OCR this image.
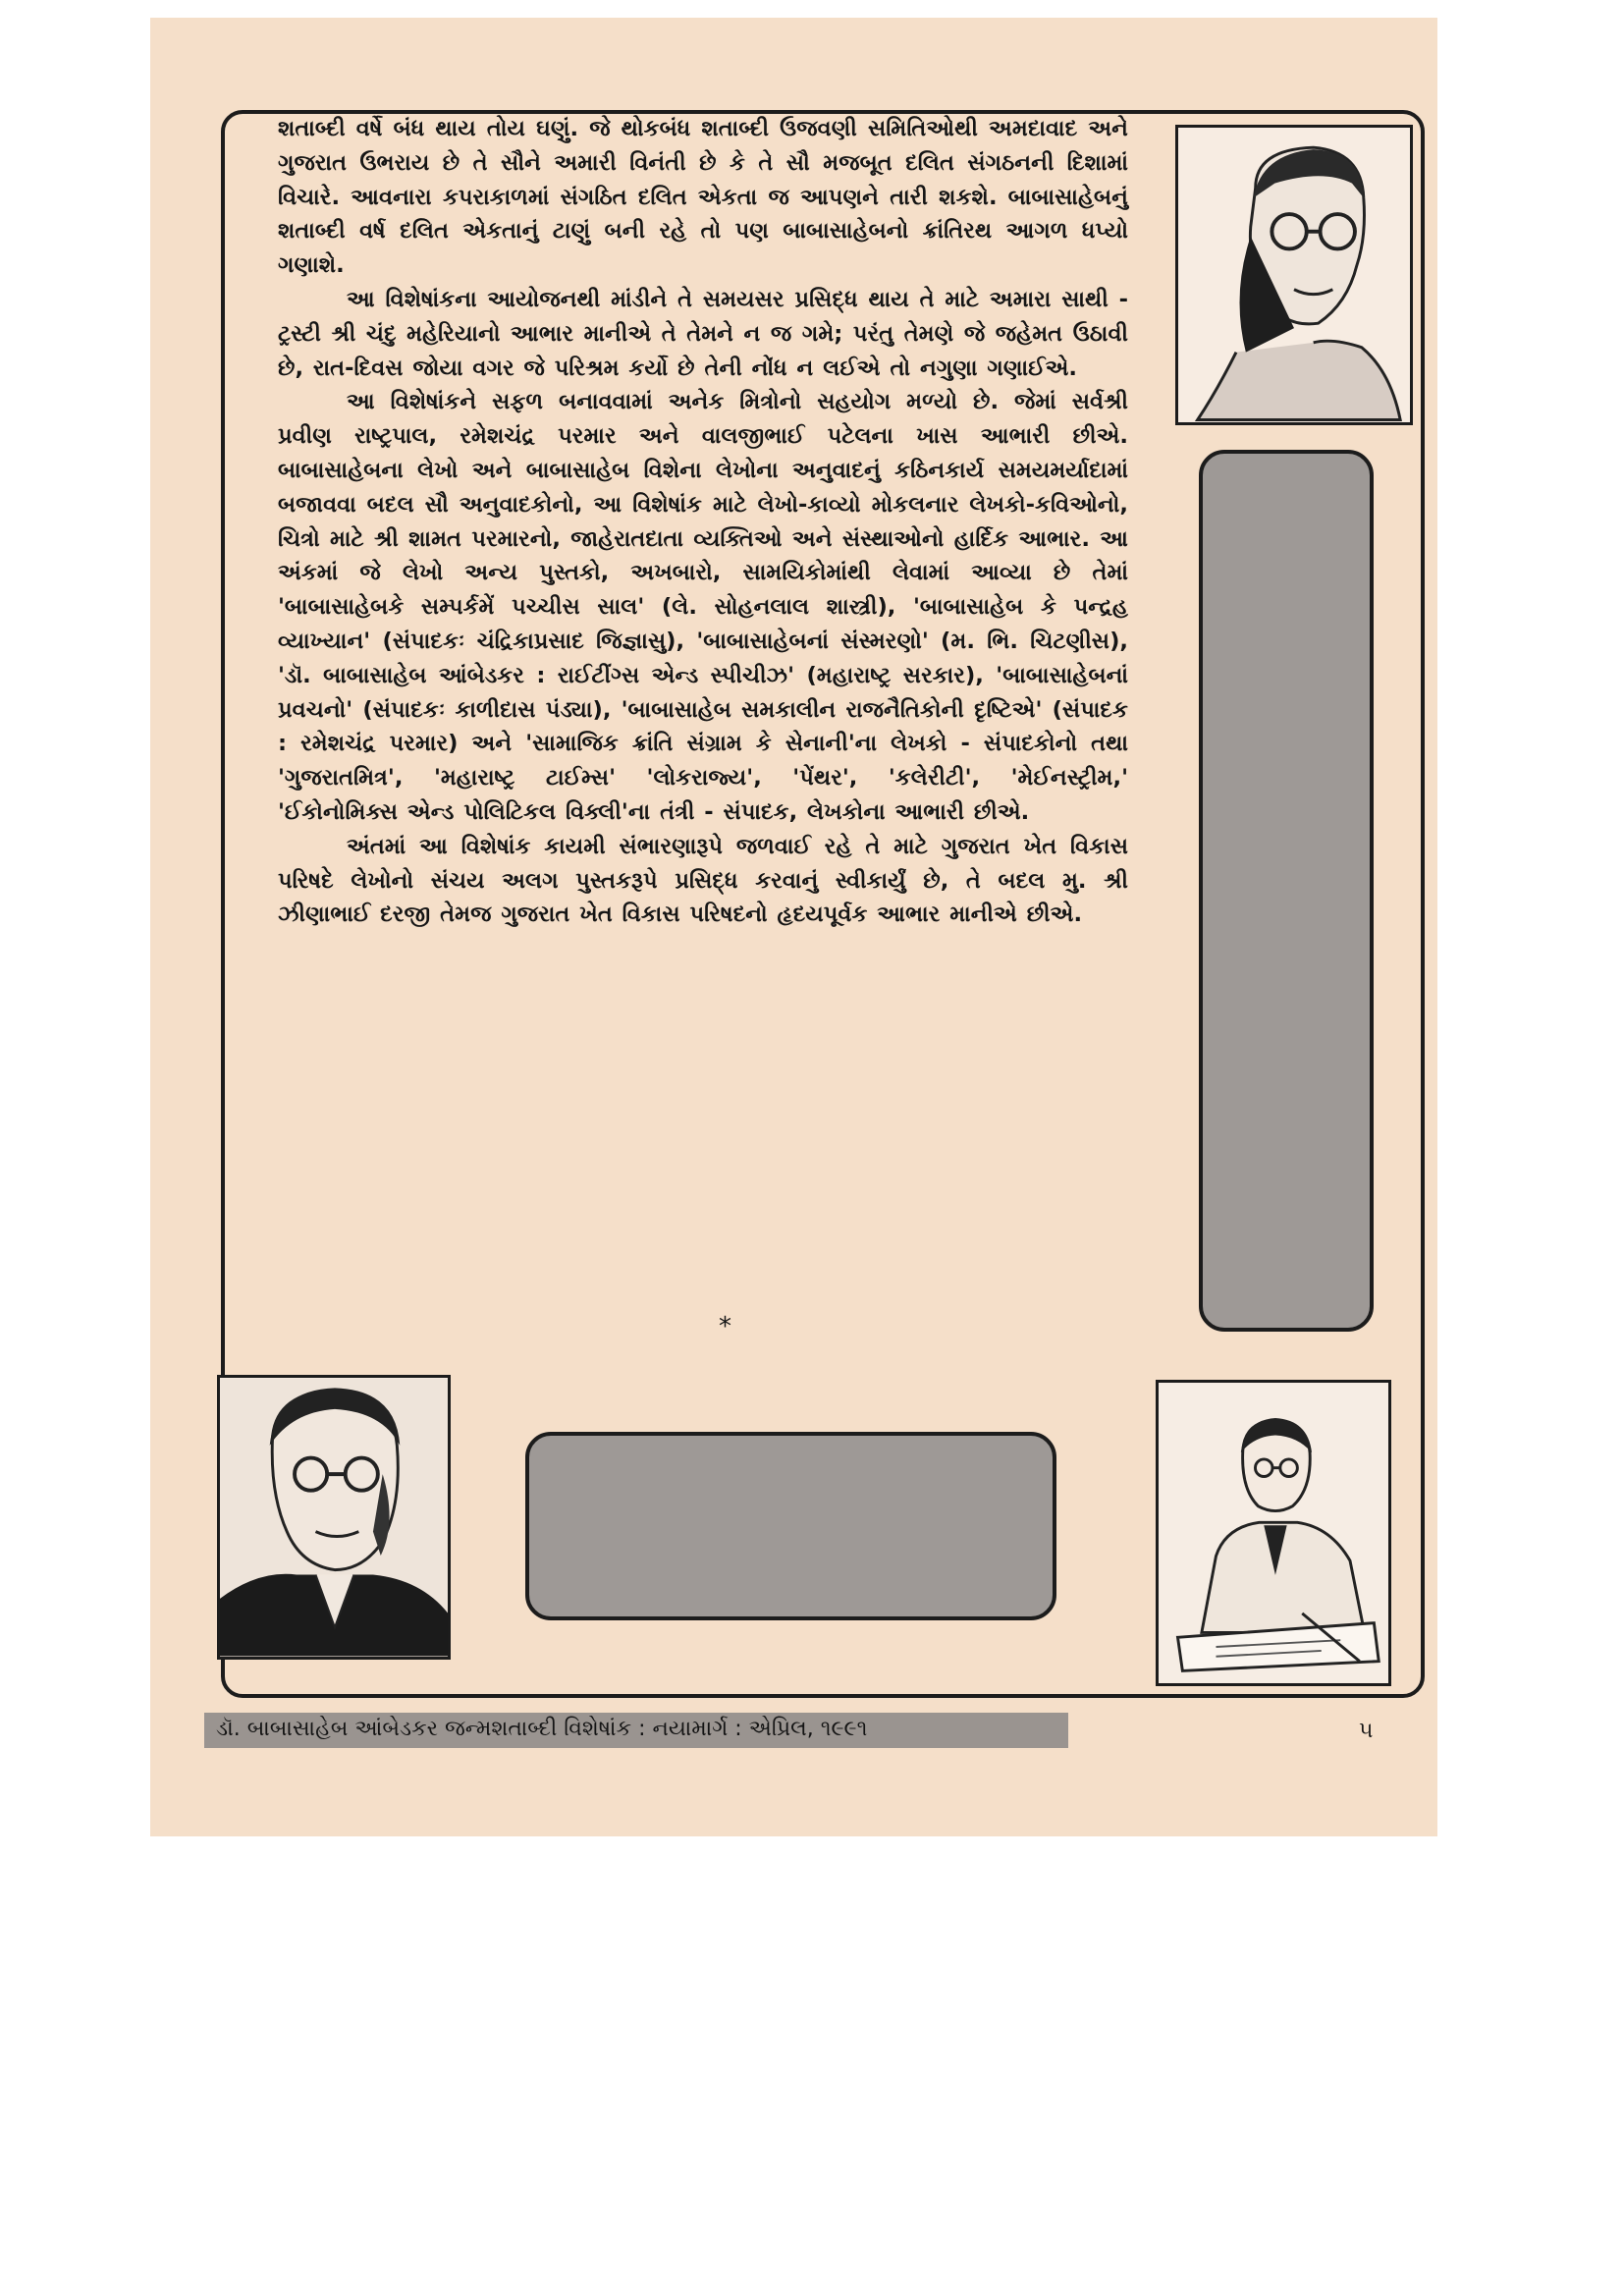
શતાબ્દી વર્ષે બંધ થાય તોય ઘણું. જે થોકબંધ શતાબ્દી ઉજવણી સમિતિઓથી અમદાવાદ અને ગુજરાત ઉભરાય છે તે સૌને અમારી વિનંતી છે કે તે સૌ મજબૂત દલિત સંગઠનની દિશામાં વિચારે. આવનારા કપરાકાળમાં સંગઠિત દલિત એકતા જ આપણને તારી શકશે. બાબાસાહેબનું શતાબ્દી વર્ષ દલિત એકતાનું ટાણું બની રહે તો પણ બાબાસાહેબનો ક્રાંતિરથ આગળ ધપ્યો ગણાશે.

આ વિશેષાંકના આયોજનથી માંડીને તે સમયસર પ્રસિદ્ધ થાય તે માટે અમારા સાથી - ટ્રસ્ટી શ્રી ચંદુ મહેરિયાનો આભાર માનીએ તે તેમને ન જ ગમે; પરંતુ તેમણે જે જહેમત ઉઠાવી છે, રાત-દિવસ જોયા વગર જે પરિશ્રમ કર્યો છે તેની નોંધ ન લઈએ તો નગુણા ગણાઈએ.

આ વિશેષાંકને સફળ બનાવવામાં અનેક મિત્રોનો સહયોગ મળ્યો છે. જેમાં સર્વશ્રી પ્રવીણ રાષ્ટ્રપાલ, રમેશચંદ્ર પરમાર અને વાલજીભાઈ પટેલના ખાસ આભારી છીએ. બાબાસાહેબના લેખો અને બાબાસાહેબ વિશેના લેખોના અનુવાદનું કઠિનકાર્ય સમયમર્યાદામાં બજાવવા બદલ સૌ અનુવાદકોનો, આ વિશેષાંક માટે લેખો-કાવ્યો મોકલનાર લેખકો-કવિઓનો, ચિત્રો માટે શ્રી શામત પરમારનો, જાહેરાતદાતા વ્યક્તિઓ અને સંસ્થાઓનો હાર્દિક આભાર. આ અંકમાં જે લેખો અન્ય પુસ્તકો, અખબારો, સામયિકોમાંથી લેવામાં આવ્યા છે તેમાં 'બાબાસાહેબકે સમ્પર્કમેં પચ્ચીસ સાલ' (લે. સોહનલાલ શાસ્ત્રી), 'બાબાસાહેબ કે પન્દ્રહ વ્યાખ્યાન' (સંપાદકઃ ચંદ્રિકાપ્રસાદ જિજ્ઞાસુ), 'બાબાસાહેબનાં સંસ્મરણો' (મ. ભિ. ચિટણીસ), 'ડૉ. બાબાસાહેબ આંબેડકર : રાઈટીંગ્સ એન્ડ સ્પીચીઝ' (મહારાષ્ટ્ર સરકાર), 'બાબાસાહેબનાં પ્રવચનો' (સંપાદકઃ કાળીદાસ પંડ્યા), 'બાબાસાહેબ સમકાલીન રાજનૈતિકોની દૃષ્ટિએ' (સંપાદક : રમેશચંદ્ર પરમાર) અને 'સામાજિક ક્રાંતિ સંગ્રામ કે સેનાની'ના લેખકો - સંપાદકોનો તથા 'ગુજરાતમિત્ર', 'મહારાષ્ટ્ર ટાઈમ્સ' 'લોકરાજ્ય', 'પેંથર', 'કલેરીટી', 'મેઈનસ્ટ્રીમ,' 'ઈકોનોમિક્સ એન્ડ પોલિટિકલ વિક્લી'ના તંત્રી - સંપાદક, લેખકોના આભારી છીએ.

અંતમાં આ વિશેષાંક કાયમી સંભારણારૂપે જળવાઈ રહે તે માટે ગુજરાત ખેત વિકાસ પરિષદે લેખોનો સંચય અલગ પુસ્તકરૂપે પ્રસિદ્ધ કરવાનું સ્વીકાર્યું છે, તે બદલ મુ. શ્રી ઝીણાભાઈ દરજી તેમજ ગુજરાત ખેત વિકાસ પરિષદનો હૃદયપૂર્વક આભાર માનીએ છીએ.

*
ડૉ. બાબાસાહેબ આંબેડકર જન્મશતાબ્દી વિશેષાંક : નયામાર્ગ : એપ્રિલ, ૧૯૯૧	૫
